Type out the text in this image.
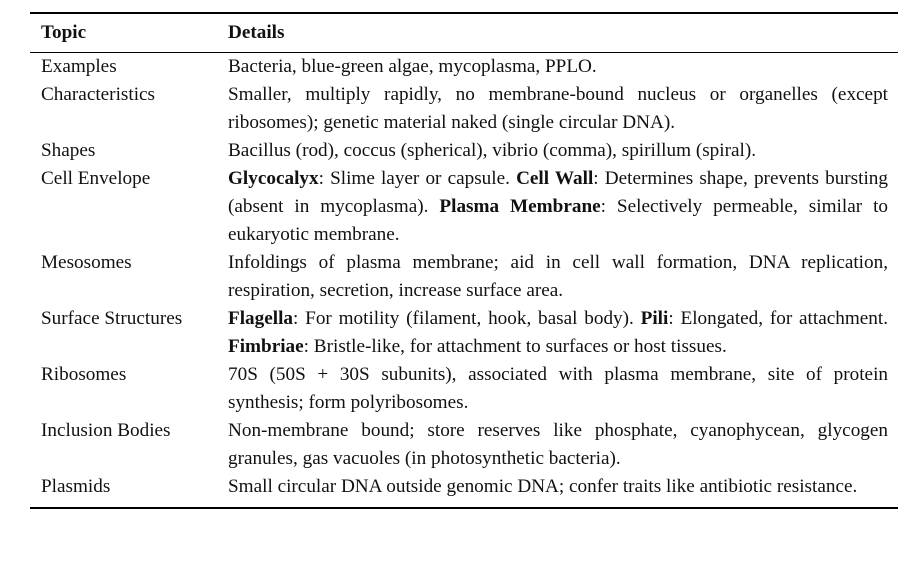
Topic	Details

Examples	Bacteria, blue-green algae, mycoplasma, PPLO.
Characteristics	Smaller, multiply rapidly, no membrane-bound nucleus or organelles (except ribosomes); genetic material naked (single circular DNA).
Shapes	Bacillus (rod), coccus (spherical), vibrio (comma), spirillum (spiral).
Cell Envelope	Glycocalyx: Slime layer or capsule. Cell Wall: Determines shape, prevents bursting (absent in mycoplasma). Plasma Membrane: Selectively permeable, similar to eukaryotic membrane.
Mesosomes	Infoldings of plasma membrane; aid in cell wall formation, DNA replication, respiration, secretion, increase surface area.
Surface Structures	Flagella: For motility (filament, hook, basal body). Pili: Elongated, for attachment. Fimbriae: Bristle-like, for attachment to surfaces or host tissues.
Ribosomes	70S (50S + 30S subunits), associated with plasma membrane, site of protein synthesis; form polyribosomes.
Inclusion Bodies	Non-membrane bound; store reserves like phosphate, cyanophycean, glycogen granules, gas vacuoles (in photosynthetic bacteria).
Plasmids	Small circular DNA outside genomic DNA; confer traits like antibiotic resistance.
